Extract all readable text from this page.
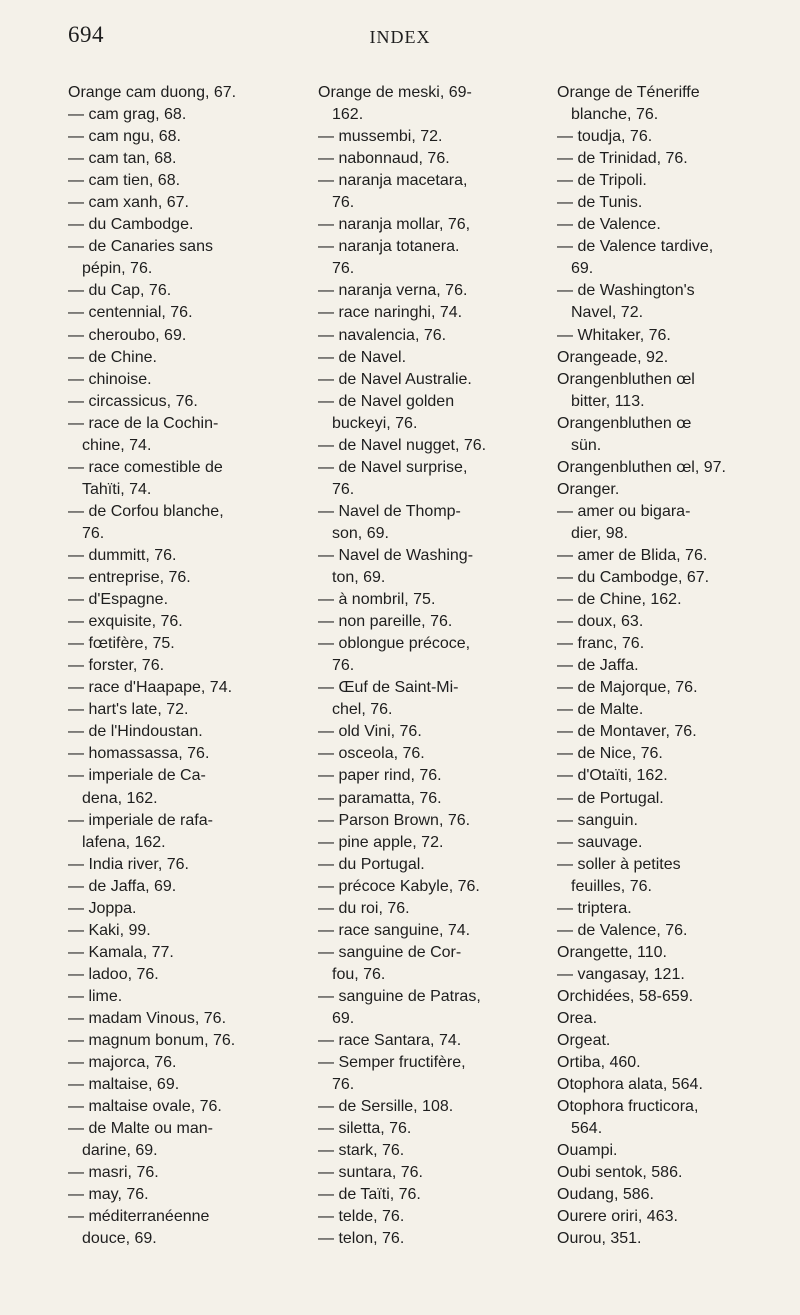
694	INDEX
Orange cam duong, 67.
— cam grag, 68.
— cam ngu, 68.
— cam tan, 68.
— cam tien, 68.
— cam xanh, 67.
— du Cambodge.
— de Canaries sans
pépin, 76.
— du Cap, 76.
— centennial, 76.
— cheroubo, 69.
— de Chine.
— chinoise.
— circassicus, 76.
— race de la Cochin-
chine, 74.
— race comestible de
Tahïti, 74.
— de Corfou blanche,
76.
— dummitt, 76.
— entreprise, 76.
— d'Espagne.
— exquisite, 76.
— fœtifère, 75.
— forster, 76.
— race d'Haapape, 74.
— hart's late, 72.
— de l'Hindoustan.
— homassassa, 76.
— imperiale de Ca-
dena, 162.
— imperiale de rafa-
lafena, 162.
— India river, 76.
— de Jaffa, 69.
— Joppa.
— Kaki, 99.
— Kamala, 77.
— ladoo, 76.
— lime.
— madam Vinous, 76.
— magnum bonum, 76.
— majorca, 76.
— maltaise, 69.
— maltaise ovale, 76.
— de Malte ou man-
darine, 69.
— masri, 76.
— may, 76.
— méditerranéenne
douce, 69.
Orange de meski, 69-
162.
— mussembi, 72.
— nabonnaud, 76.
— naranja macetara,
76.
— naranja mollar, 76,
— naranja totanera.
76.
— naranja verna, 76.
— race naringhi, 74.
— navalencia, 76.
— de Navel.
— de Navel Australie.
— de Navel golden
buckeyi, 76.
— de Navel nugget, 76.
— de Navel surprise,
76.
— Navel de Thomp-
son, 69.
— Navel de Washing-
ton, 69.
— à nombril, 75.
— non pareille, 76.
— oblongue précoce,
76.
— Œuf de Saint-Mi-
chel, 76.
— old Vini, 76.
— osceola, 76.
— paper rind, 76.
— paramatta, 76.
— Parson Brown, 76.
— pine apple, 72.
— du Portugal.
— précoce Kabyle, 76.
— du roi, 76.
— race sanguine, 74.
— sanguine de Cor-
fou, 76.
— sanguine de Patras,
69.
— race Santara, 74.
— Semper fructifère,
76.
— de Sersille, 108.
— siletta, 76.
— stark, 76.
— suntara, 76.
— de Taïti, 76.
— telde, 76.
— telon, 76.
Orange de Téneriffe
blanche, 76.
— toudja, 76.
— de Trinidad, 76.
— de Tripoli.
— de Tunis.
— de Valence.
— de Valence tardive,
69.
— de Washington's
Navel, 72.
— Whitaker, 76.
Orangeade, 92.
Orangenbluthen œl
bitter, 113.
Orangenbluthen œ
sün.
Orangenbluthen œl, 97.
Oranger.
— amer ou bigara-
dier, 98.
— amer de Blida, 76.
— du Cambodge, 67.
— de Chine, 162.
— doux, 63.
— franc, 76.
— de Jaffa.
— de Majorque, 76.
— de Malte.
— de Montaver, 76.
— de Nice, 76.
— d'Otaïti, 162.
— de Portugal.
— sanguin.
— sauvage.
— soller à petites
feuilles, 76.
— triptera.
— de Valence, 76.
Orangette, 110.
— vangasay, 121.
Orchidées, 58-659.
Orea.
Orgeat.
Ortiba, 460.
Otophora alata, 564.
Otophora fructicora,
564.
Ouampi.
Oubi sentok, 586.
Oudang, 586.
Ourere oriri, 463.
Ourou, 351.
